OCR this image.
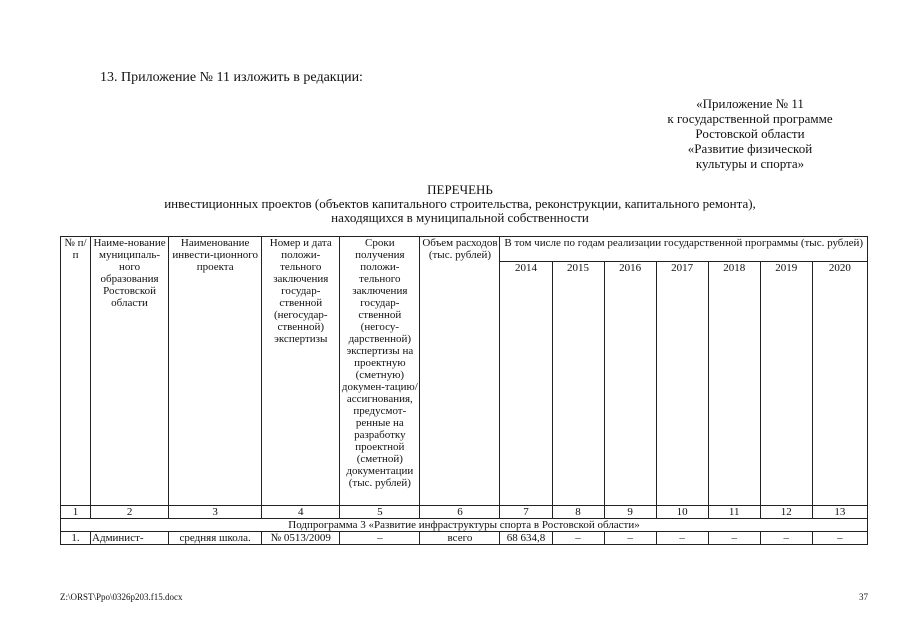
13. Приложение № 11 изложить в редакции:
«Приложение № 11
к государственной программе
Ростовской области
«Развитие физической
культуры и спорта»
ПЕРЕЧЕНЬ
инвестиционных проектов (объектов капитального строительства, реконструкции, капитального ремонта),
находящихся в муниципальной собственности
№ п/п	Наиме-нование муниципаль-ного образования Ростовской области	Наименование инвести-ционного проекта	Номер и дата положи-тельного заключения государ-ственной (негосудар-ственной) экспертизы	Сроки получения положи-тельного заключения государ-ственной (негосу-дарственной) экспертизы на проектную (сметную) докумен-тацию/ ассигнования, предусмот-ренные на разработку проектной (сметной) документации (тыс. рублей)	Объем расходов (тыс. рублей)	В том числе по годам реализации государственной программы (тыс. рублей)						
						2014	2015	2016	2017	2018	2019	2020
1	2	3	4	5	6	7	8	9	10	11	12	13
Подпрограмма 3 «Развитие инфраструктуры спорта в Ростовской области»												
1.	Админист-	средняя школа.	№ 0513/2009	–	всего	68 634,8	–	–	–	–	–	–
Z:\ORST\Ppo\0326p203.f15.docx	37
